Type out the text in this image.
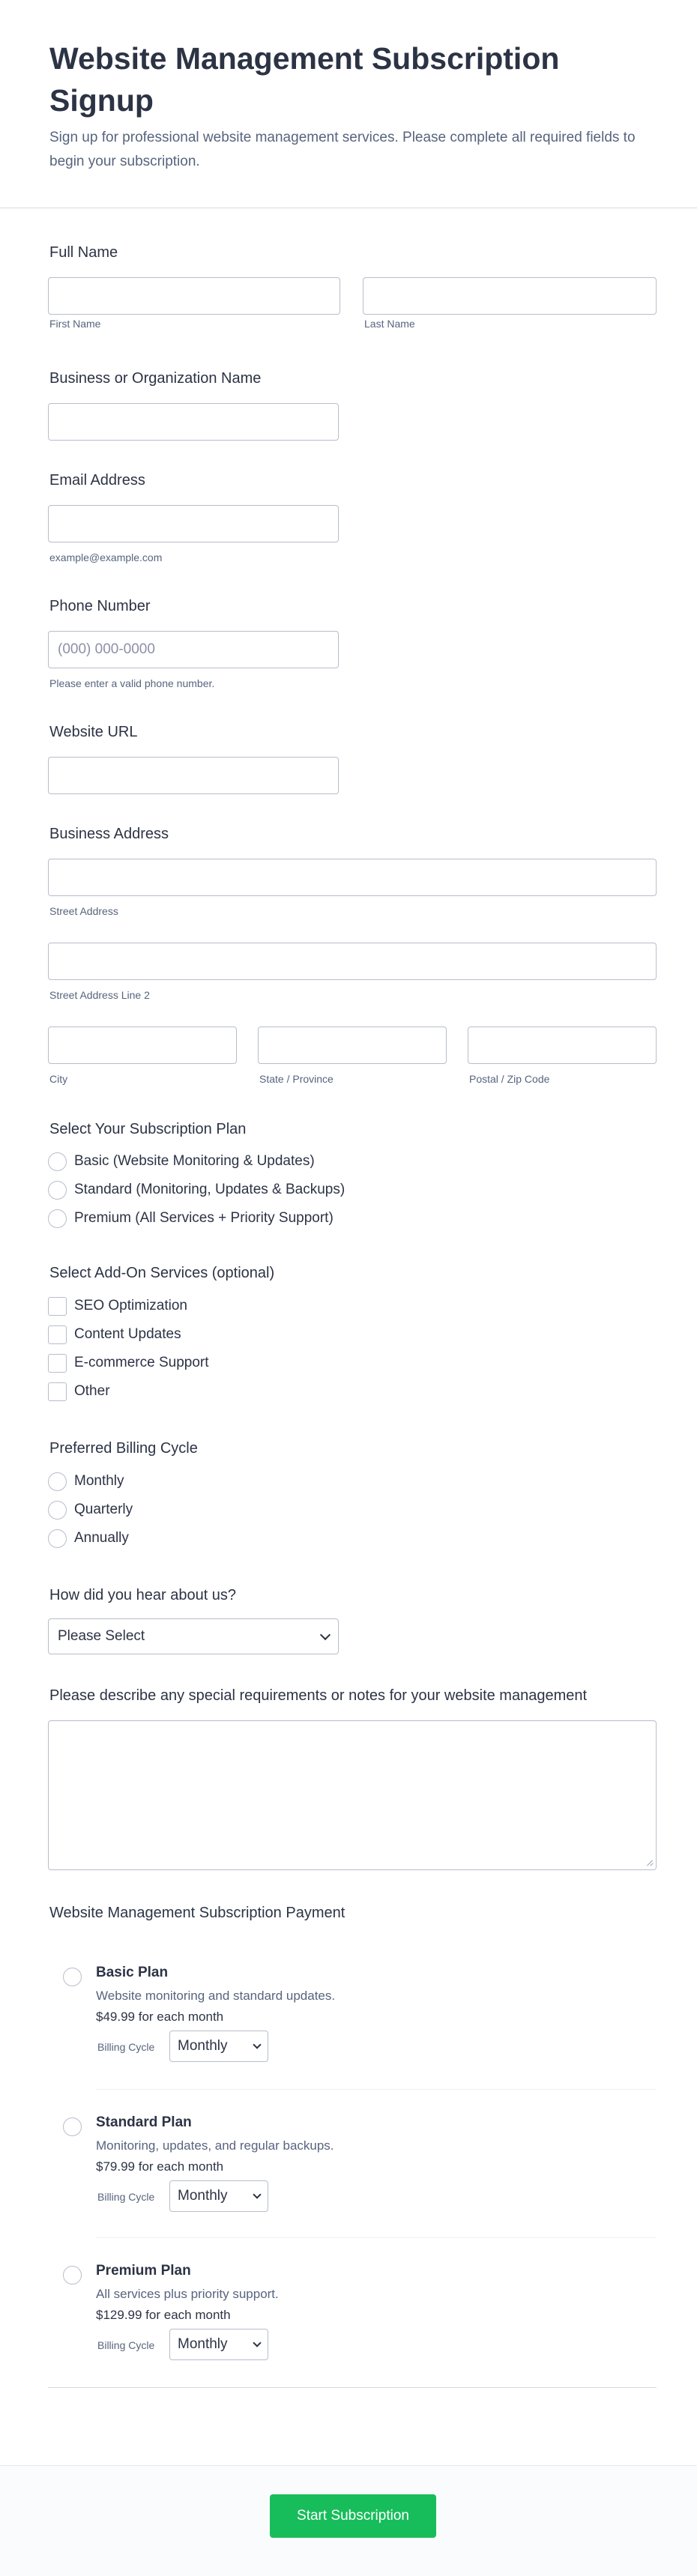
Website Management Subscription Signup

Sign up for professional website management services. Please complete all required fields to begin your subscription.

Full Name
First Name	Last Name
Business or Organization Name
Email Address
example@example.com
Phone Number
(000) 000-0000
Please enter a valid phone number.
Website URL
Business Address
Street Address
Street Address Line 2
City	State / Province	Postal / Zip Code
Select Your Subscription Plan
Basic (Website Monitoring & Updates)
Standard (Monitoring, Updates & Backups)
Premium (All Services + Priority Support)
Select Add-On Services (optional)
SEO Optimization
Content Updates
E-commerce Support
Other
Preferred Billing Cycle
Monthly
Quarterly
Annually
How did you hear about us?
Please Select
Please describe any special requirements or notes for your website management
Website Management Subscription Payment
Basic Plan
Website monitoring and standard updates.
$49.99 for each month
Billing Cycle Monthly
Standard Plan
Monitoring, updates, and regular backups.
$79.99 for each month
Billing Cycle Monthly
Premium Plan
All services plus priority support.
$129.99 for each month
Billing Cycle Monthly
Start Subscription
